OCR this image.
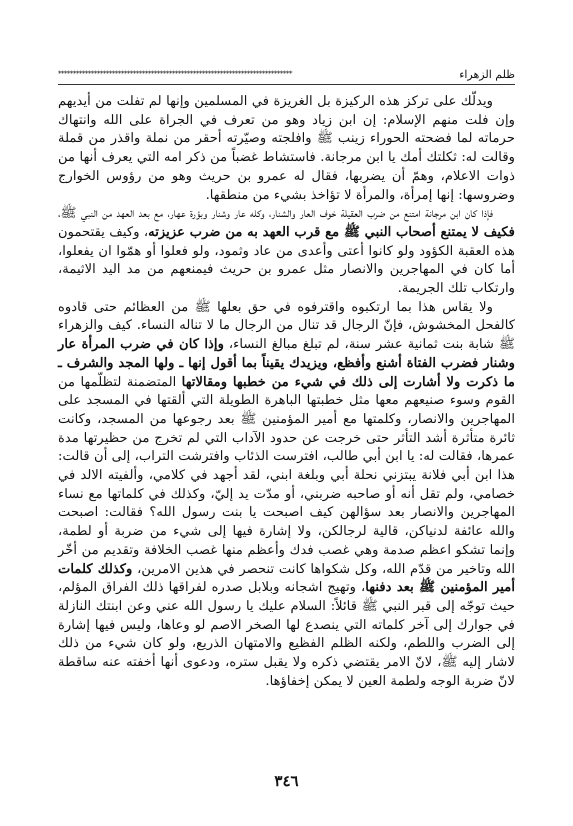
******************************************************************************	ظلم الزهراء

ويدلّك على تركز هذه الركيزة بل الغريزة في المسلمين وإنها لم تفلت من أيديهم وإن فلت منهم الإسلام: إن ابن زياد وهو من تعرف في الجراة على الله وانتهاك حرماته لما فضحته الحوراء زينب ﷺ وافلجته وصيّرته أحقر من نملة واقذر من قملة وقالت له: ثكلتك أمك يا ابن مرجانة. فاستشاط غضباً من ذكر امه التي يعرف أنها من ذوات الاعلام، وهمّ أن يضربها، فقال له عمرو بن حريث وهو من رؤوس الخوارج وضروسها: إنها إمرأة، والمرأة لا تؤاخذ بشيء من منطقها.

فإذا كان ابن مرجانة امتنع من ضرب العقيلة خوف العار والشنار، وكله عار وشنار وبؤرة عهار، مع بعد العهد من النبي ﷺ، فكيف لا يمتنع أصحاب النبي ﷺ مع قرب العهد به من ضرب عزيزته، وكيف يقتحمون هذه العقبة الكؤود ولو كانوا أعتى وأعدى من عاد وثمود، ولو فعلوا أو همّوا ان يفعلوا، أما كان في المهاجرين والانصار مثل عمرو بن حريث فيمنعهم من مد اليد الاثيمة، وارتكاب تلك الجريمة.

ولا يقاس هذا بما ارتكبوه واقترفوه في حق بعلها ﷺ من العظائم حتى قادوه كالفحل المخشوش، فإنّ الرجال قد تنال من الرجال ما لا تناله النساء. كيف والزهراء ﷺ شابة بنت ثمانية عشر سنة، لم تبلغ مبالغ النساء، وإذا كان في ضرب المرأة عار وشنار فضرب الفتاة أشنع وأفظع، ويزيدك يقيناً بما أقول إنها ـ ولها المجد والشرف ـ ما ذكرت ولا أشارت إلى ذلك في شيء من خطبها ومقالاتها المتضمنة لتظلّمها من القوم وسوء صنيعهم معها مثل خطبتها الباهرة الطويلة التي ألقتها في المسجد على المهاجرين والانصار، وكلمتها مع أمير المؤمنين ﷺ بعد رجوعها من المسجد، وكانت ثائرة متأثرة أشد التأثر حتى خرجت عن حدود الآداب التي لم تخرج من حظيرتها مدة عمرها، فقالت له: يا ابن أبي طالب، افترست الذئاب وافترشت التراب، إلى أن قالت: هذا ابن أبي فلانة يبتزني نحلة أبي وبلغة ابني، لقد أجهد في كلامي، وألفيته الالد في خصامي، ولم تقل أنه أو صاحبه ضربني، أو مدّت يد إليّ، وكذلك في كلماتها مع نساء المهاجرين والانصار بعد سؤالهن كيف اصبحت يا بنت رسول الله؟ فقالت: اصبحت والله عائفة لدنياكن، قالية لرجالكن، ولا إشارة فيها إلى شيء من ضربة أو لطمة، وإنما تشكو اعظم صدمة وهي غصب فدك وأعظم منها غصب الخلافة وتقديم من أخّر الله وتاخير من قدّم الله، وكل شكواها كانت تنحصر في هذين الامرين، وكذلك كلمات أمير المؤمنين ﷺ بعد دفنها، وتهيج اشجانه وبلابل صدره لفراقها ذلك الفراق المؤلم، حيث توجّه إلى قبر النبي ﷺ قائلاً: السلام عليك يا رسول الله عني وعن ابنتك النازلة في جوارك إلى آخر كلماته التي ينصدع لها الصخر الاصم لو وعاها، وليس فيها إشارة إلى الضرب واللطم، ولكنه الظلم الفظيع والامتهان الذريع، ولو كان شيء من ذلك لاشار إليه ﷺ، لانّ الامر يقتضي ذكره ولا يقبل ستره، ودعوى أنها أخفته عنه ساقطة لانّ ضربة الوجه ولطمة العين لا يمكن إخفاؤها.

٣٤٦
